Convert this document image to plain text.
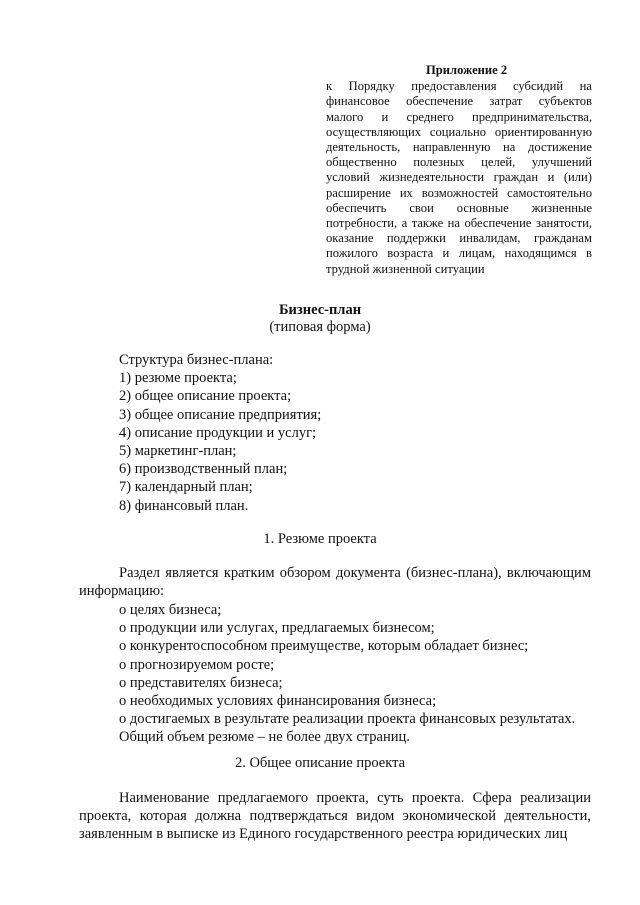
Приложение 2
к Порядку предоставления субсидий на финансовое обеспечение затрат субъектов малого и среднего предпринимательства, осуществляющих социально ориентированную деятельность, направленную на достижение общественно полезных целей, улучшений условий жизнедеятельности граждан и (или) расширение их возможностей самостоятельно обеспечить свои основные жизненные потребности, а также на обеспечение занятости, оказание поддержки инвалидам, гражданам пожилого возраста и лицам, находящимся в трудной жизненной ситуации
Бизнес-план
(типовая форма)
Структура бизнес-плана:
1) резюме проекта;
2) общее описание проекта;
3) общее описание предприятия;
4) описание продукции и услуг;
5) маркетинг-план;
6) производственный план;
7) календарный план;
8) финансовый план.
1. Резюме проекта
Раздел является кратким обзором документа (бизнес-плана), включающим информацию:
о целях бизнеса;
о продукции или услугах, предлагаемых бизнесом;
о конкурентоспособном преимуществе, которым обладает бизнес;
о прогнозируемом росте;
о представителях бизнеса;
о необходимых условиях финансирования бизнеса;
о достигаемых в результате реализации проекта финансовых результатах.
Общий объем резюме – не более двух страниц.
2. Общее описание проекта
Наименование предлагаемого проекта, суть проекта. Сфера реализации проекта, которая должна подтверждаться видом экономической деятельности, заявленным в выписке из Единого государственного реестра юридических лиц
